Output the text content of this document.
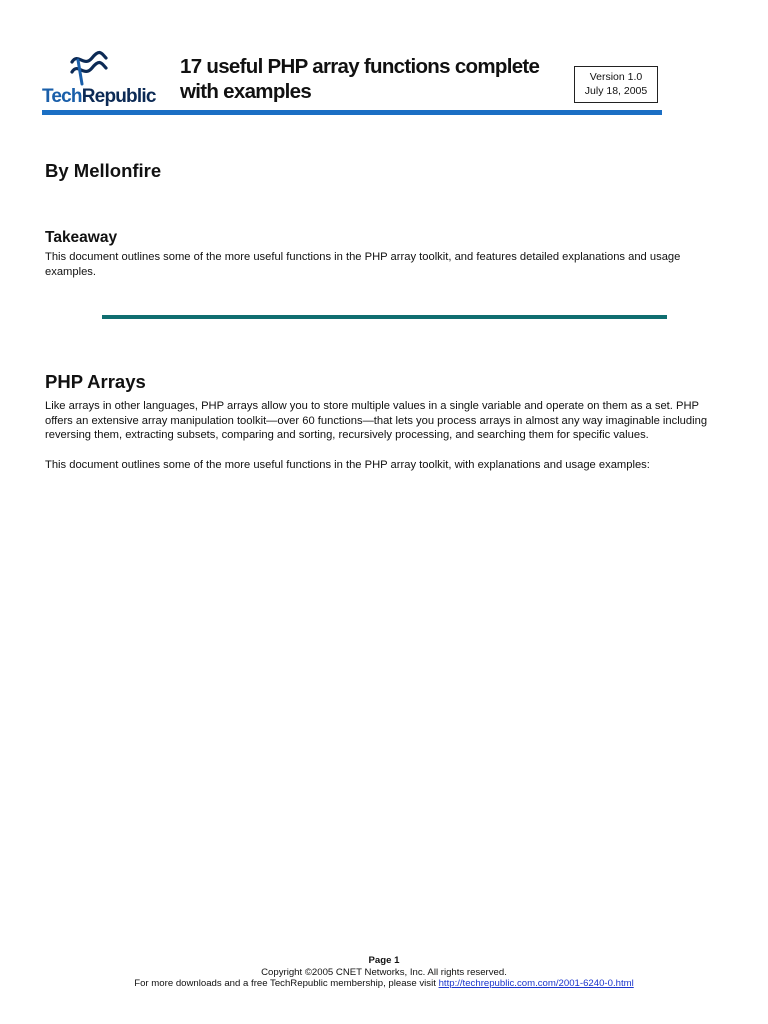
TechRepublic
17 useful PHP array functions complete with examples
Version 1.0
July 18, 2005
By Mellonfire
Takeaway

This document outlines some of the more useful functions in the PHP array toolkit, and features detailed explanations and usage examples.

PHP Arrays

Like arrays in other languages, PHP arrays allow you to store multiple values in a single variable and operate on them as a set. PHP offers an extensive array manipulation toolkit—over 60 functions—that lets you process arrays in almost any way imaginable including reversing them, extracting subsets, comparing and sorting, recursively processing, and searching them for specific values.

This document outlines some of the more useful functions in the PHP array toolkit, with explanations and usage examples:

Page 1
Copyright ©2005 CNET Networks, Inc. All rights reserved.
For more downloads and a free TechRepublic membership, please visit http://techrepublic.com.com/2001-6240-0.html
